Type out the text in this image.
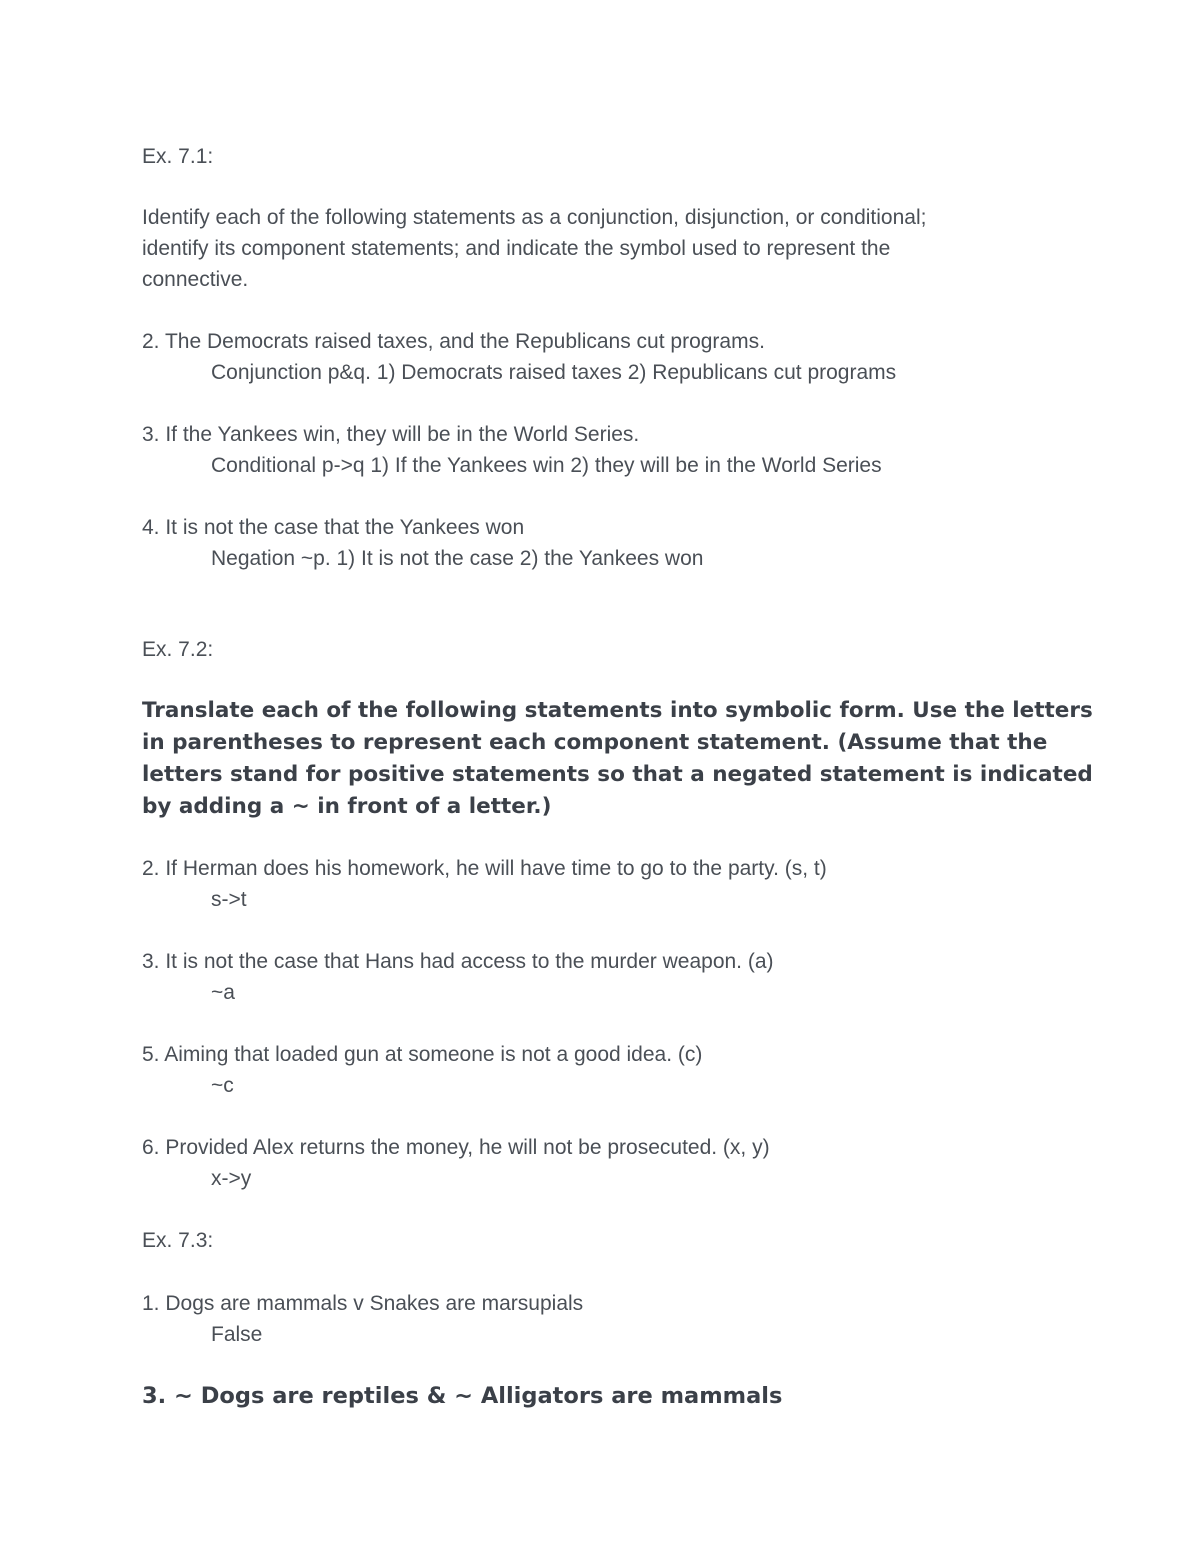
Ex. 7.1:

Identify each of the following statements as a conjunction, disjunction, or conditional;

identify its component statements; and indicate the symbol used to represent the

connective.

2. The Democrats raised taxes, and the Republicans cut programs.

Conjunction p&q. 1) Democrats raised taxes 2) Republicans cut programs

3. If the Yankees win, they will be in the World Series.

Conditional p->q 1) If the Yankees win 2) they will be in the World Series

4. It is not the case that the Yankees won

Negation ~p. 1) It is not the case 2) the Yankees won

Ex. 7.2:

Translate each of the following statements into symbolic form. Use the letters

in parentheses to represent each component statement. (Assume that the

letters stand for positive statements so that a negated statement is indicated

by adding a ~ in front of a letter.)

2. If Herman does his homework, he will have time to go to the party. (s, t)

s->t

3. It is not the case that Hans had access to the murder weapon. (a)

~a

5. Aiming that loaded gun at someone is not a good idea. (c)

~c

6. Provided Alex returns the money, he will not be prosecuted. (x, y)

x->y

Ex. 7.3:

1. Dogs are mammals v Snakes are marsupials

False

3. ~ Dogs are reptiles & ~ Alligators are mammals
